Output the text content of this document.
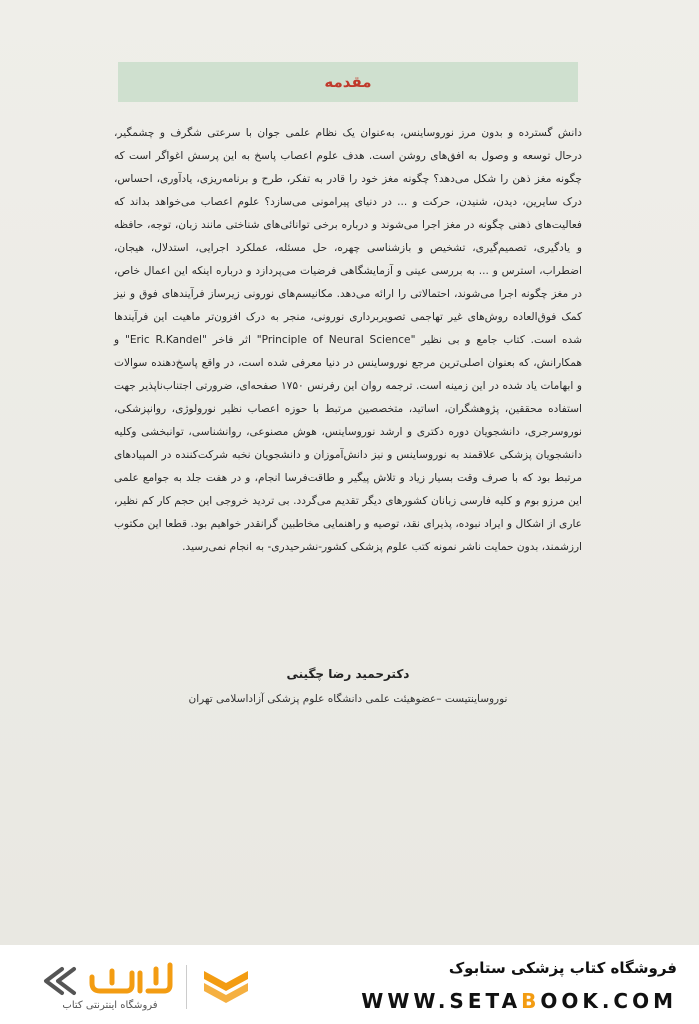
مقدمه

دانش گسترده و بدون مرز نوروساینس، به‌عنوان یک نظام علمی جوان با سرعتی شگرف و چشمگیر، درحال توسعه و وصول به افق‌های روشن است. هدف علوم اعصاب پاسخ به این پرسش اغواگر است که چگونه مغز ذهن را شکل می‌دهد؟ چگونه مغز خود را قادر به تفکر، طرح و برنامه‌ریزی، یادآوری، احساس، درک سایرین، دیدن، شنیدن، حرکت و ... در دنیای پیرامونی می‌سازد؟ علوم اعصاب می‌خواهد بداند که فعالیت‌های ذهنی چگونه در مغز اجرا می‌شوند و درباره برخی توانائی‌های شناختی مانند زبان، توجه، حافظه و یادگیری، تصمیم‌گیری، تشخیص و بازشناسی چهره، حل مسئله، عملکرد اجرایی، استدلال، هیجان، اضطراب، استرس و ... به بررسی عینی و آزمایشگاهی فرضیات می‌پردازد و درباره اینکه این اعمال خاص، در مغز چگونه اجرا می‌شوند، احتمالاتی را ارائه می‌دهد. مکانیسم‌های نورونی زیرساز فرآیندهای فوق و نیز کمک فوق‌العاده روش‌های غیر تهاجمی تصویربرداری نورونی، منجر به درک افزون‌تر ماهیت این فرآیندها شده است. کتاب جامع و بی نظیر "Principle of Neural Science" اثر فاخر "Eric R.Kandel" و همکارانش، که بعنوان اصلی‌ترین مرجع نوروساینس در دنیا معرفی شده است، در واقع پاسخ‌دهنده سوالات و ابهامات یاد شده در این زمینه است. ترجمه روان این رفرنس ۱۷۵۰ صفحه‌ای، ضرورتی اجتناب‌ناپذیر جهت استفاده محققین، پژوهشگران، اساتید، متخصصین مرتبط با حوزه اعصاب نظیر نورولوژی، روانپزشکی، نوروسرجری، دانشجویان دوره دکتری و ارشد نوروساینس، هوش مصنوعی، روانشناسی، توانبخشی وکلیه دانشجویان پزشکی علاقمند به نوروساینس و نیز دانش‌آموزان و دانشجویان نخبه شرکت‌کننده در المپیادهای مرتبط بود که با صرف وقت بسیار زیاد و تلاش پیگیر و طاقت‌فرسا انجام، و در هفت جلد به جوامع علمی این مرزو بوم و کلیه فارسی زبانان کشورهای دیگر تقدیم می‌گردد. بی تردید خروجی این حجم کار کم نظیر، عاری از اشکال و ایراد نبوده، پذیرای نقد، توصیه و راهنمایی مخاطبین گرانقدر خواهیم بود. قطعا این مکتوب ارزشمند، بدون حمایت ناشر نمونه کتب علوم پزشکی کشور-نشرحیدری- به انجام نمی‌رسید.

دکترحمید رضا چگینی
نوروساینتیست –عضوهیئت علمی دانشگاه علوم پزشکی آزاداسلامی تهران
فروشگاه کتاب پزشکی ستابوک
WWW.SETABOOK.COM
فروشگاه اینترنتی کتاب
